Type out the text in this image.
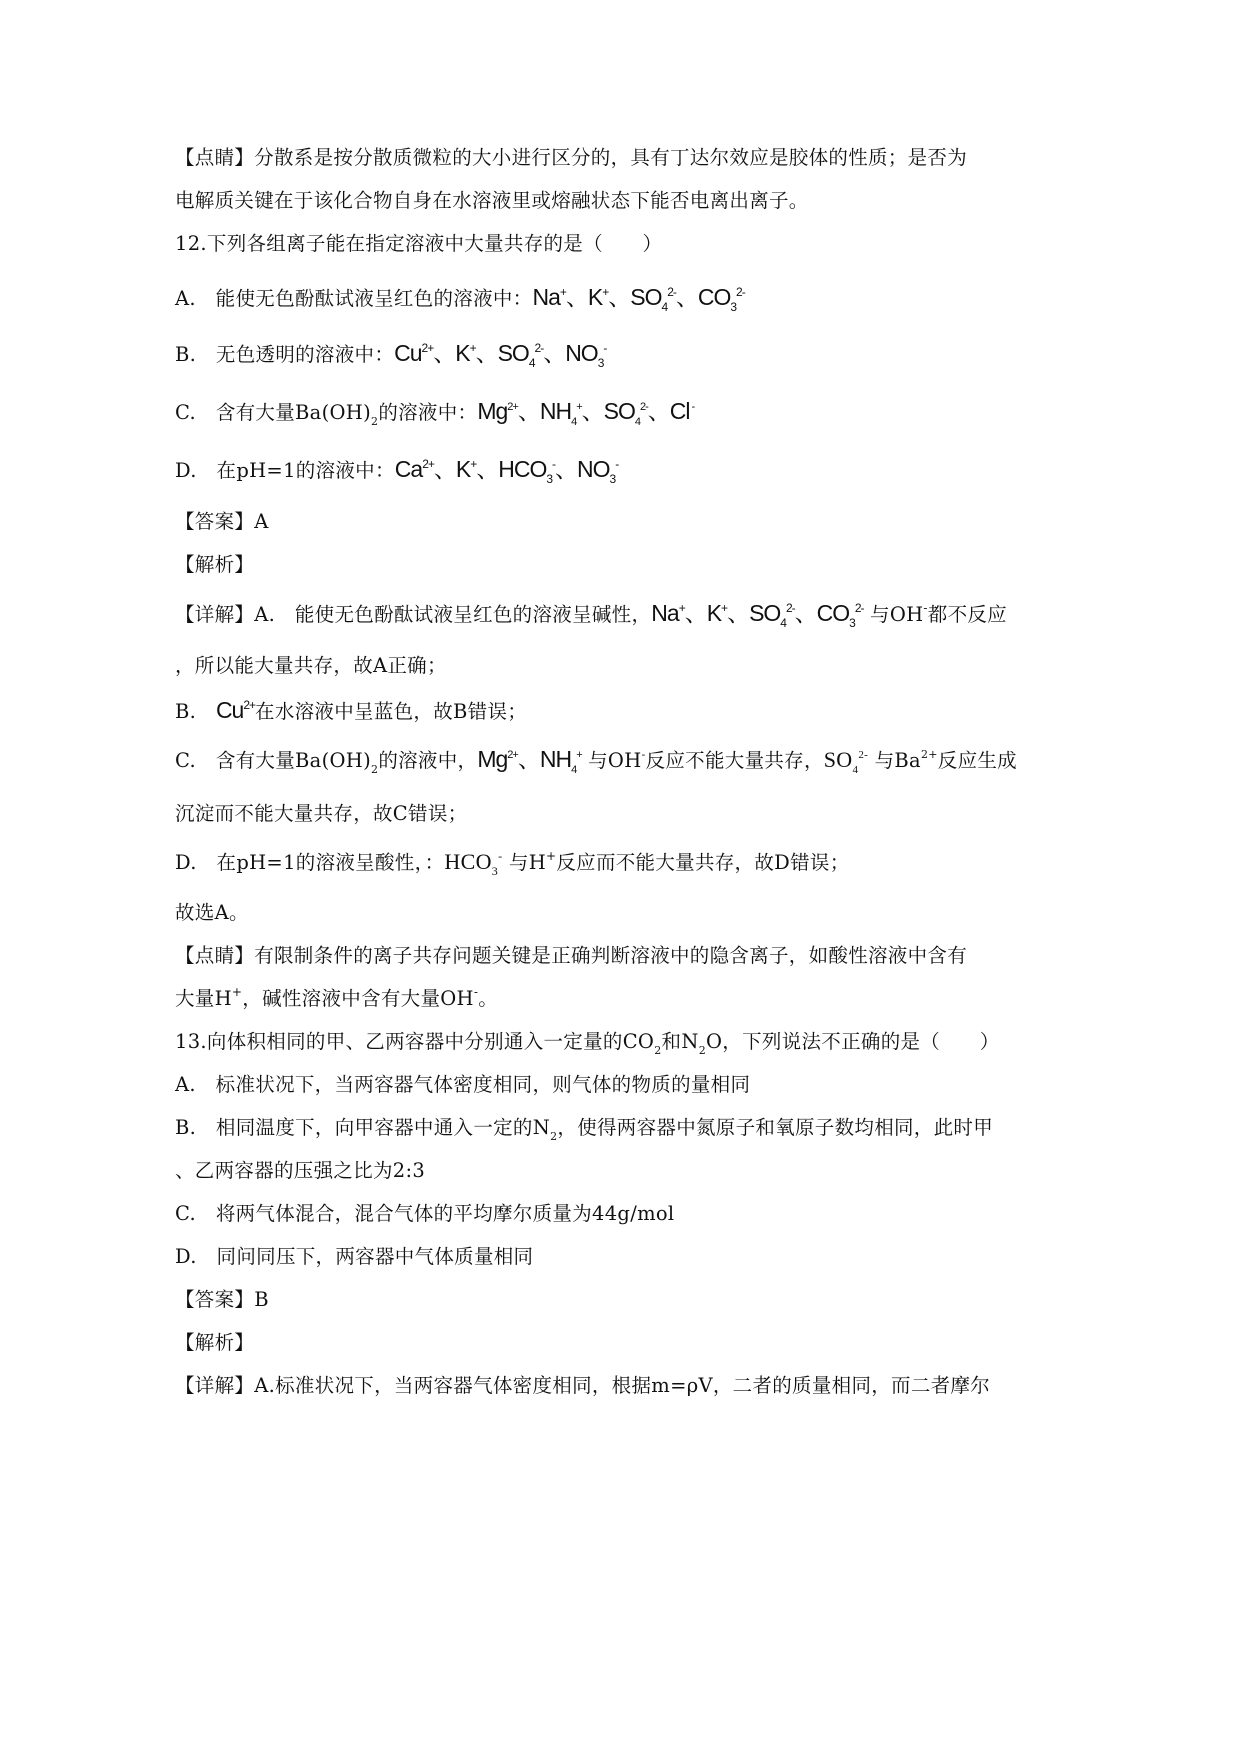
【点睛】分散系是按分散质微粒的大小进行区分的，具有丁达尔效应是胶体的性质；是否为
电解质关键在于该化合物自身在水溶液里或熔融状态下能否电离出离子。
12.下列各组离子能在指定溶液中大量共存的是（　　）
A.　能使无色酚酞试液呈红色的溶液中：Na+、K+、$SO_4^{2-}$、$CO_3^{2-}$
B.　无色透明的溶液中：$Cu^{2+}$、K+、$SO_4^{2-}$、$NO_3^-$
C.　含有大量$Ba(OH)_2$的溶液中：$Mg^{2+}$、$NH_4^+$、$SO_4^{2-}$、Cl -
D.　在pH=1的溶液中：$Ca^{2+}$、K+、$HCO_3^-$、$NO_3^-$
【答案】A
【解析】
【详解】A.　能使无色酚酞试液呈红色的溶液呈碱性，Na+、K+、$SO_4^{2-}$、$CO_3^{2-}$ 与OH-都不反应
，所以能大量共存，故A正确；
B.　$Cu^{2+}$在水溶液中呈蓝色，故B错误；
C.　含有大量$Ba(OH)_2$的溶液中，$Mg^{2+}$、$NH_4^+$ 与OH-反应不能大量共存，$SO_4^{2-}$ 与$Ba^{2+}$反应生成
沉淀而不能大量共存，故C错误；
D.　在pH=1的溶液呈酸性，：$HCO_3^-$ 与H+反应而不能大量共存，故D错误；
故选A。
【点睛】有限制条件的离子共存问题关键是正确判断溶液中的隐含离子，如酸性溶液中含有
大量H+，碱性溶液中含有大量OH-。
13.向体积相同的甲、乙两容器中分别通入一定量的$CO_2$和$N_2O$，下列说法不正确的是（　　）
A.　标准状况下，当两容器气体密度相同，则气体的物质的量相同
B.　相同温度下，向甲容器中通入一定的$N_2$，使得两容器中氮原子和氧原子数均相同，此时甲
、乙两容器的压强之比为2:3
C.　将两气体混合，混合气体的平均摩尔质量为44g/mol
D.　同问同压下，两容器中气体质量相同
【答案】B
【解析】
【详解】A.标准状况下，当两容器气体密度相同，根据m=ρV，二者的质量相同，而二者摩尔
